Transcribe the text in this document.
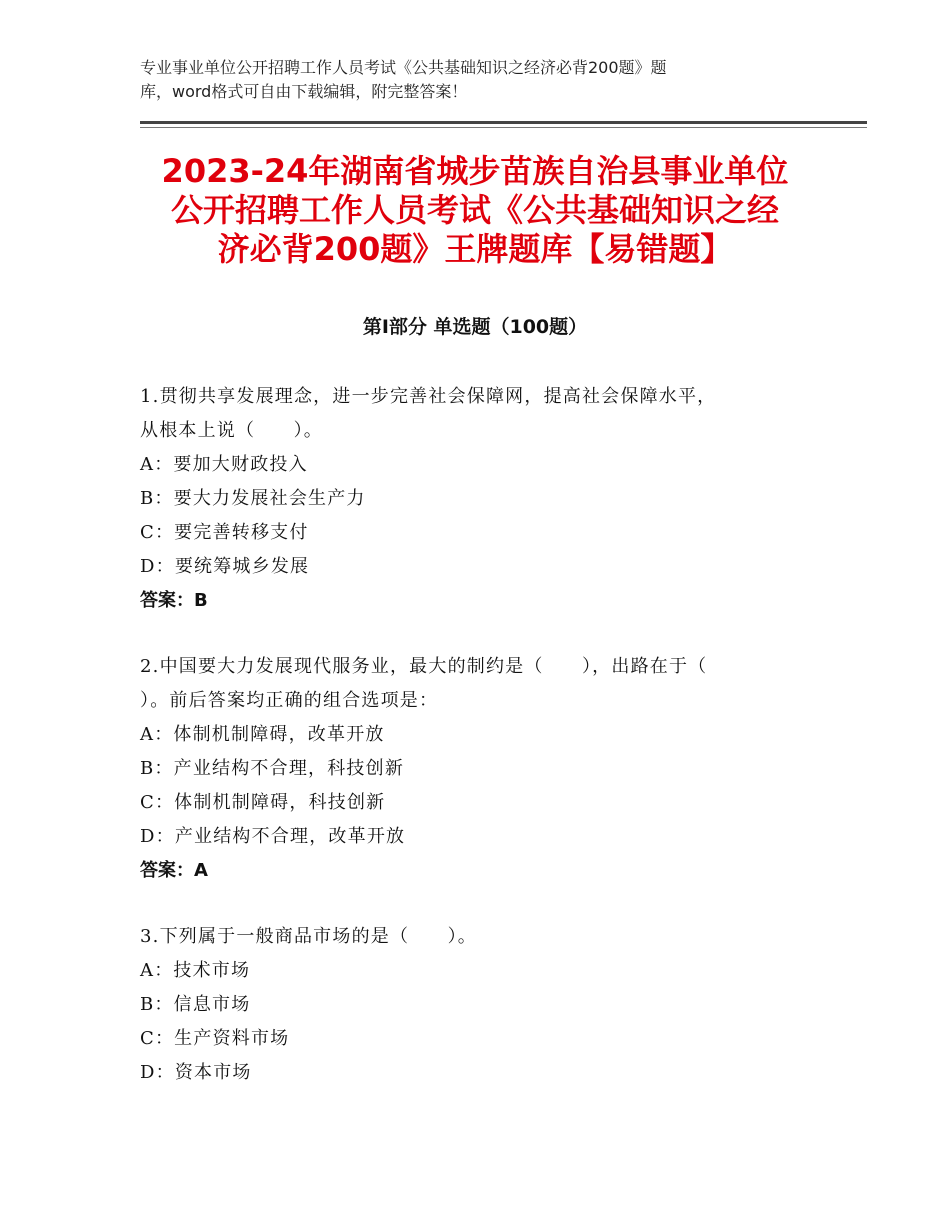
专业事业单位公开招聘工作人员考试《公共基础知识之经济必背200题》题
库，word格式可自由下载编辑，附完整答案！
2023-24年湖南省城步苗族自治县事业单位
公开招聘工作人员考试《公共基础知识之经
济必背200题》王牌题库【易错题】
第Ⅰ部分 单选题（100题）
1.贯彻共享发展理念，进一步完善社会保障网，提高社会保障水平，
从根本上说（　　）。
A：要加大财政投入
B：要大力发展社会生产力
C：要完善转移支付
D：要统筹城乡发展
答案：B
2.中国要大力发展现代服务业，最大的制约是（　　），出路在于（
）。前后答案均正确的组合选项是：
A：体制机制障碍，改革开放
B：产业结构不合理，科技创新
C：体制机制障碍，科技创新
D：产业结构不合理，改革开放
答案：A
3.下列属于一般商品市场的是（　　）。
A：技术市场
B：信息市场
C：生产资料市场
D：资本市场
